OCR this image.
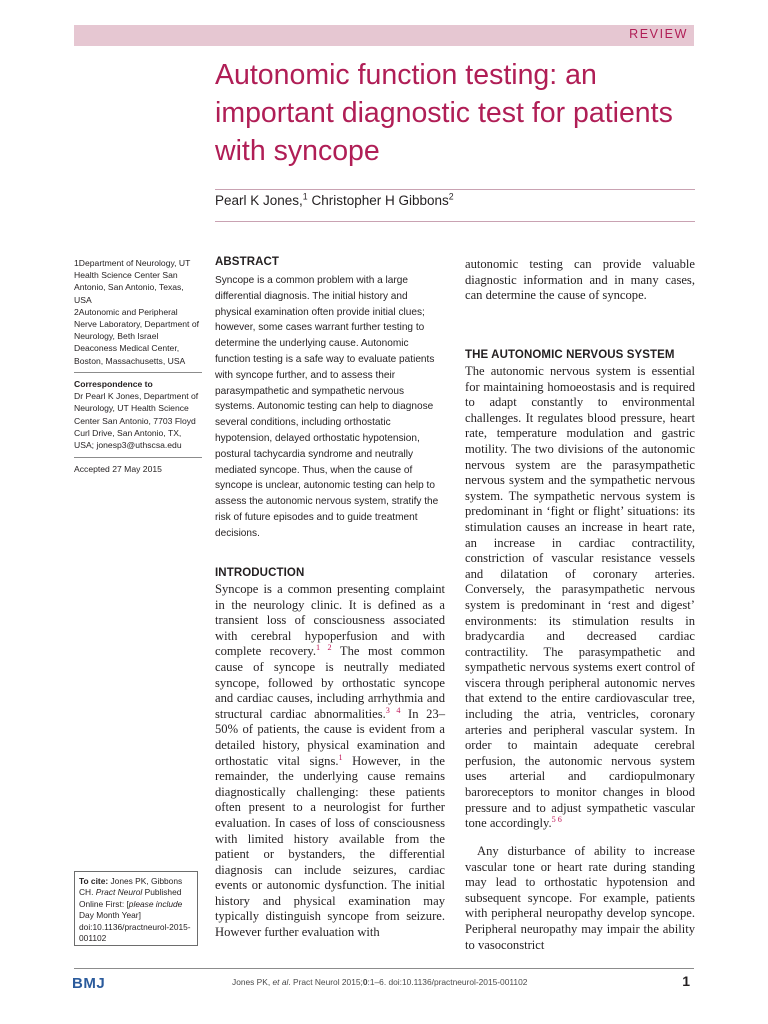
REVIEW
Autonomic function testing: an important diagnostic test for patients with syncope
Pearl K Jones,$^1$ Christopher H Gibbons$^2$

1Department of Neurology, UT Health Science Center San Antonio, San Antonio, Texas, USA

2Autonomic and Peripheral Nerve Laboratory, Department of Neurology, Beth Israel Deaconess Medical Center, Boston, Massachusetts, USA

Correspondence to

Dr Pearl K Jones, Department of Neurology, UT Health Science Center San Antonio, 7703 Floyd Curl Drive, San Antonio, TX, USA; jonesp3@uthscsa.edu

Accepted 27 May 2015

To cite: Jones PK, Gibbons CH. Pract Neurol Published Online First: [please include Day Month Year] doi:10.1136/practneurol-2015-001102

ABSTRACT

Syncope is a common problem with a large differential diagnosis. The initial history and physical examination often provide initial clues; however, some cases warrant further testing to determine the underlying cause. Autonomic function testing is a safe way to evaluate patients with syncope further, and to assess their parasympathetic and sympathetic nervous systems. Autonomic testing can help to diagnose several conditions, including orthostatic hypotension, delayed orthostatic hypotension, postural tachycardia syndrome and neutrally mediated syncope. Thus, when the cause of syncope is unclear, autonomic testing can help to assess the autonomic nervous system, stratify the risk of future episodes and to guide treatment decisions.

INTRODUCTION

Syncope is a common presenting complaint in the neurology clinic. It is defined as a transient loss of consciousness associated with cerebral hypoperfusion and with complete recovery.$^{1 2}$ The most common cause of syncope is neutrally mediated syncope, followed by orthostatic syncope and cardiac causes, including arrhythmia and structural cardiac abnormalities.$^{3 4}$ In 23–50% of patients, the cause is evident from a detailed history, physical examination and orthostatic vital signs.$^1$ However, in the remainder, the underlying cause remains diagnostically challenging: these patients often present to a neurologist for further evaluation. In cases of loss of consciousness with limited history available from the patient or bystanders, the differential diagnosis can include seizures, cardiac events or autonomic dysfunction. The initial history and physical examination may typically distinguish syncope from seizure. However further evaluation with

autonomic testing can provide valuable diagnostic information and in many cases, can determine the cause of syncope.

THE AUTONOMIC NERVOUS SYSTEM

The autonomic nervous system is essential for maintaining homoeostasis and is required to adapt constantly to environmental challenges. It regulates blood pressure, heart rate, temperature modulation and gastric motility. The two divisions of the autonomic nervous system are the parasympathetic nervous system and the sympathetic nervous system. The sympathetic nervous system is predominant in ‘fight or flight’ situations: its stimulation causes an increase in heart rate, an increase in cardiac contractility, constriction of vascular resistance vessels and dilatation of coronary arteries. Conversely, the parasympathetic nervous system is predominant in ‘rest and digest’ environments: its stimulation results in bradycardia and decreased cardiac contractility. The parasympathetic and sympathetic nervous systems exert control of viscera through peripheral autonomic nerves that extend to the entire cardiovascular tree, including the atria, ventricles, coronary arteries and peripheral vascular system. In order to maintain adequate cerebral perfusion, the autonomic nervous system uses arterial and cardiopulmonary baroreceptors to monitor changes in blood pressure and to adjust sympathetic vascular tone accordingly.$^{5 6}$

Any disturbance of ability to increase vascular tone or heart rate during standing may lead to orthostatic hypotension and subsequent syncope. For example, patients with peripheral neuropathy develop syncope. Peripheral neuropathy may impair the ability to vasoconstrict

BMJ	Jones PK, et al. Pract Neurol 2015;0:1–6. doi:10.1136/practneurol-2015-001102	1
